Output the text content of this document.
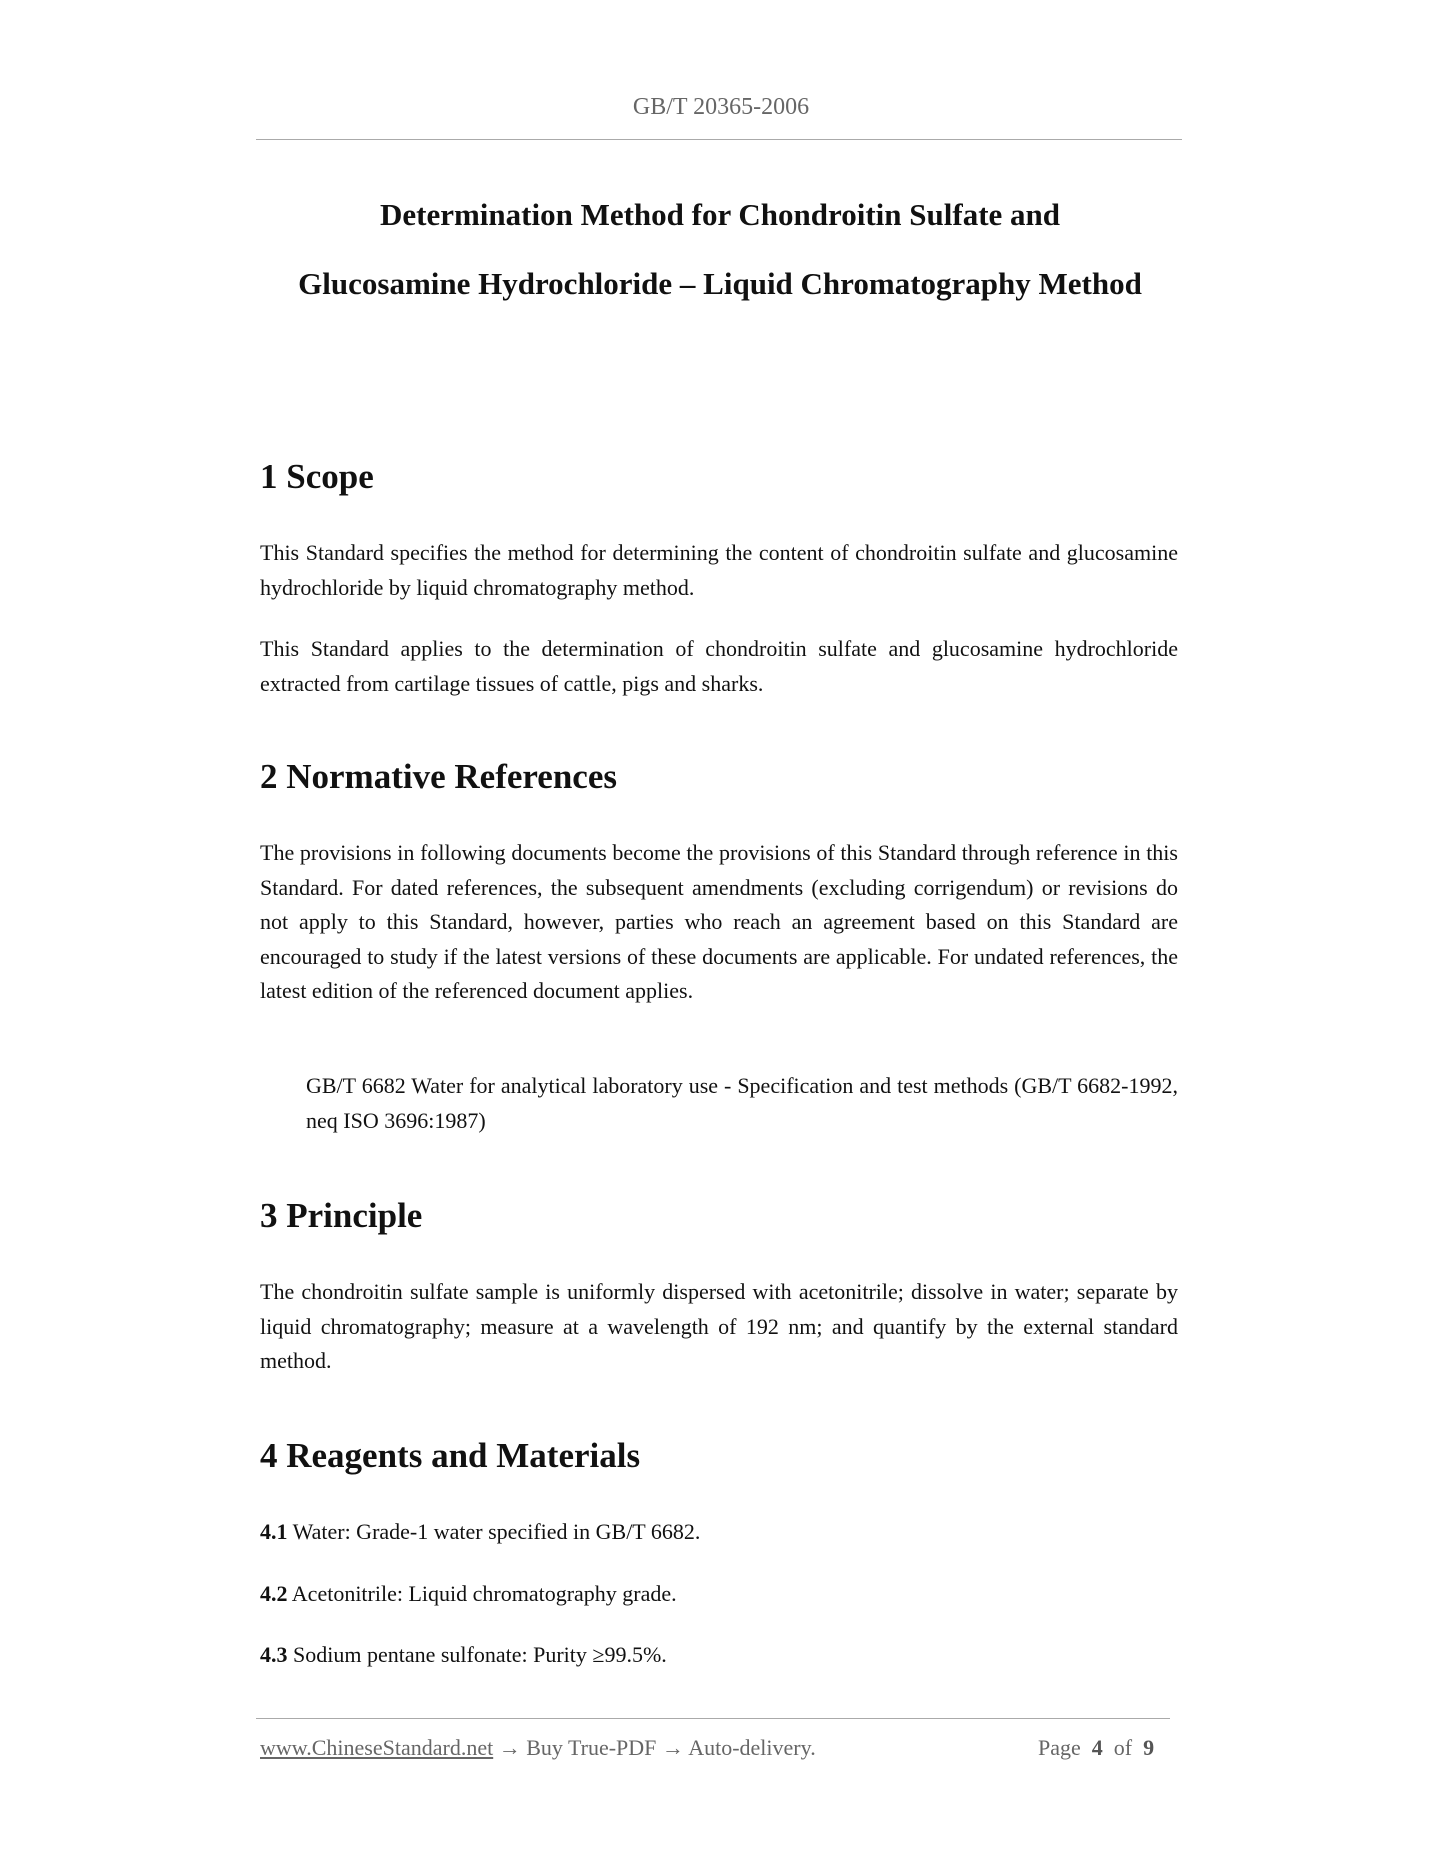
GB/T 20365-2006
Determination Method for Chondroitin Sulfate and
Glucosamine Hydrochloride – Liquid Chromatography Method
1 Scope
This Standard specifies the method for determining the content of chondroitin sulfate and glucosamine hydrochloride by liquid chromatography method.
This Standard applies to the determination of chondroitin sulfate and glucosamine hydrochloride extracted from cartilage tissues of cattle, pigs and sharks.
2 Normative References
The provisions in following documents become the provisions of this Standard through reference in this Standard. For dated references, the subsequent amendments (excluding corrigendum) or revisions do not apply to this Standard, however, parties who reach an agreement based on this Standard are encouraged to study if the latest versions of these documents are applicable. For undated references, the latest edition of the referenced document applies.
GB/T 6682 Water for analytical laboratory use - Specification and test methods (GB/T 6682-1992, neq ISO 3696:1987)
3 Principle
The chondroitin sulfate sample is uniformly dispersed with acetonitrile; dissolve in water; separate by liquid chromatography; measure at a wavelength of 192 nm; and quantify by the external standard method.
4 Reagents and Materials
4.1 Water: Grade-1 water specified in GB/T 6682.
4.2 Acetonitrile: Liquid chromatography grade.
4.3 Sodium pentane sulfonate: Purity ≥99.5%.
www.ChineseStandard.net → Buy True-PDF → Auto-delivery.	Page 4 of 9
